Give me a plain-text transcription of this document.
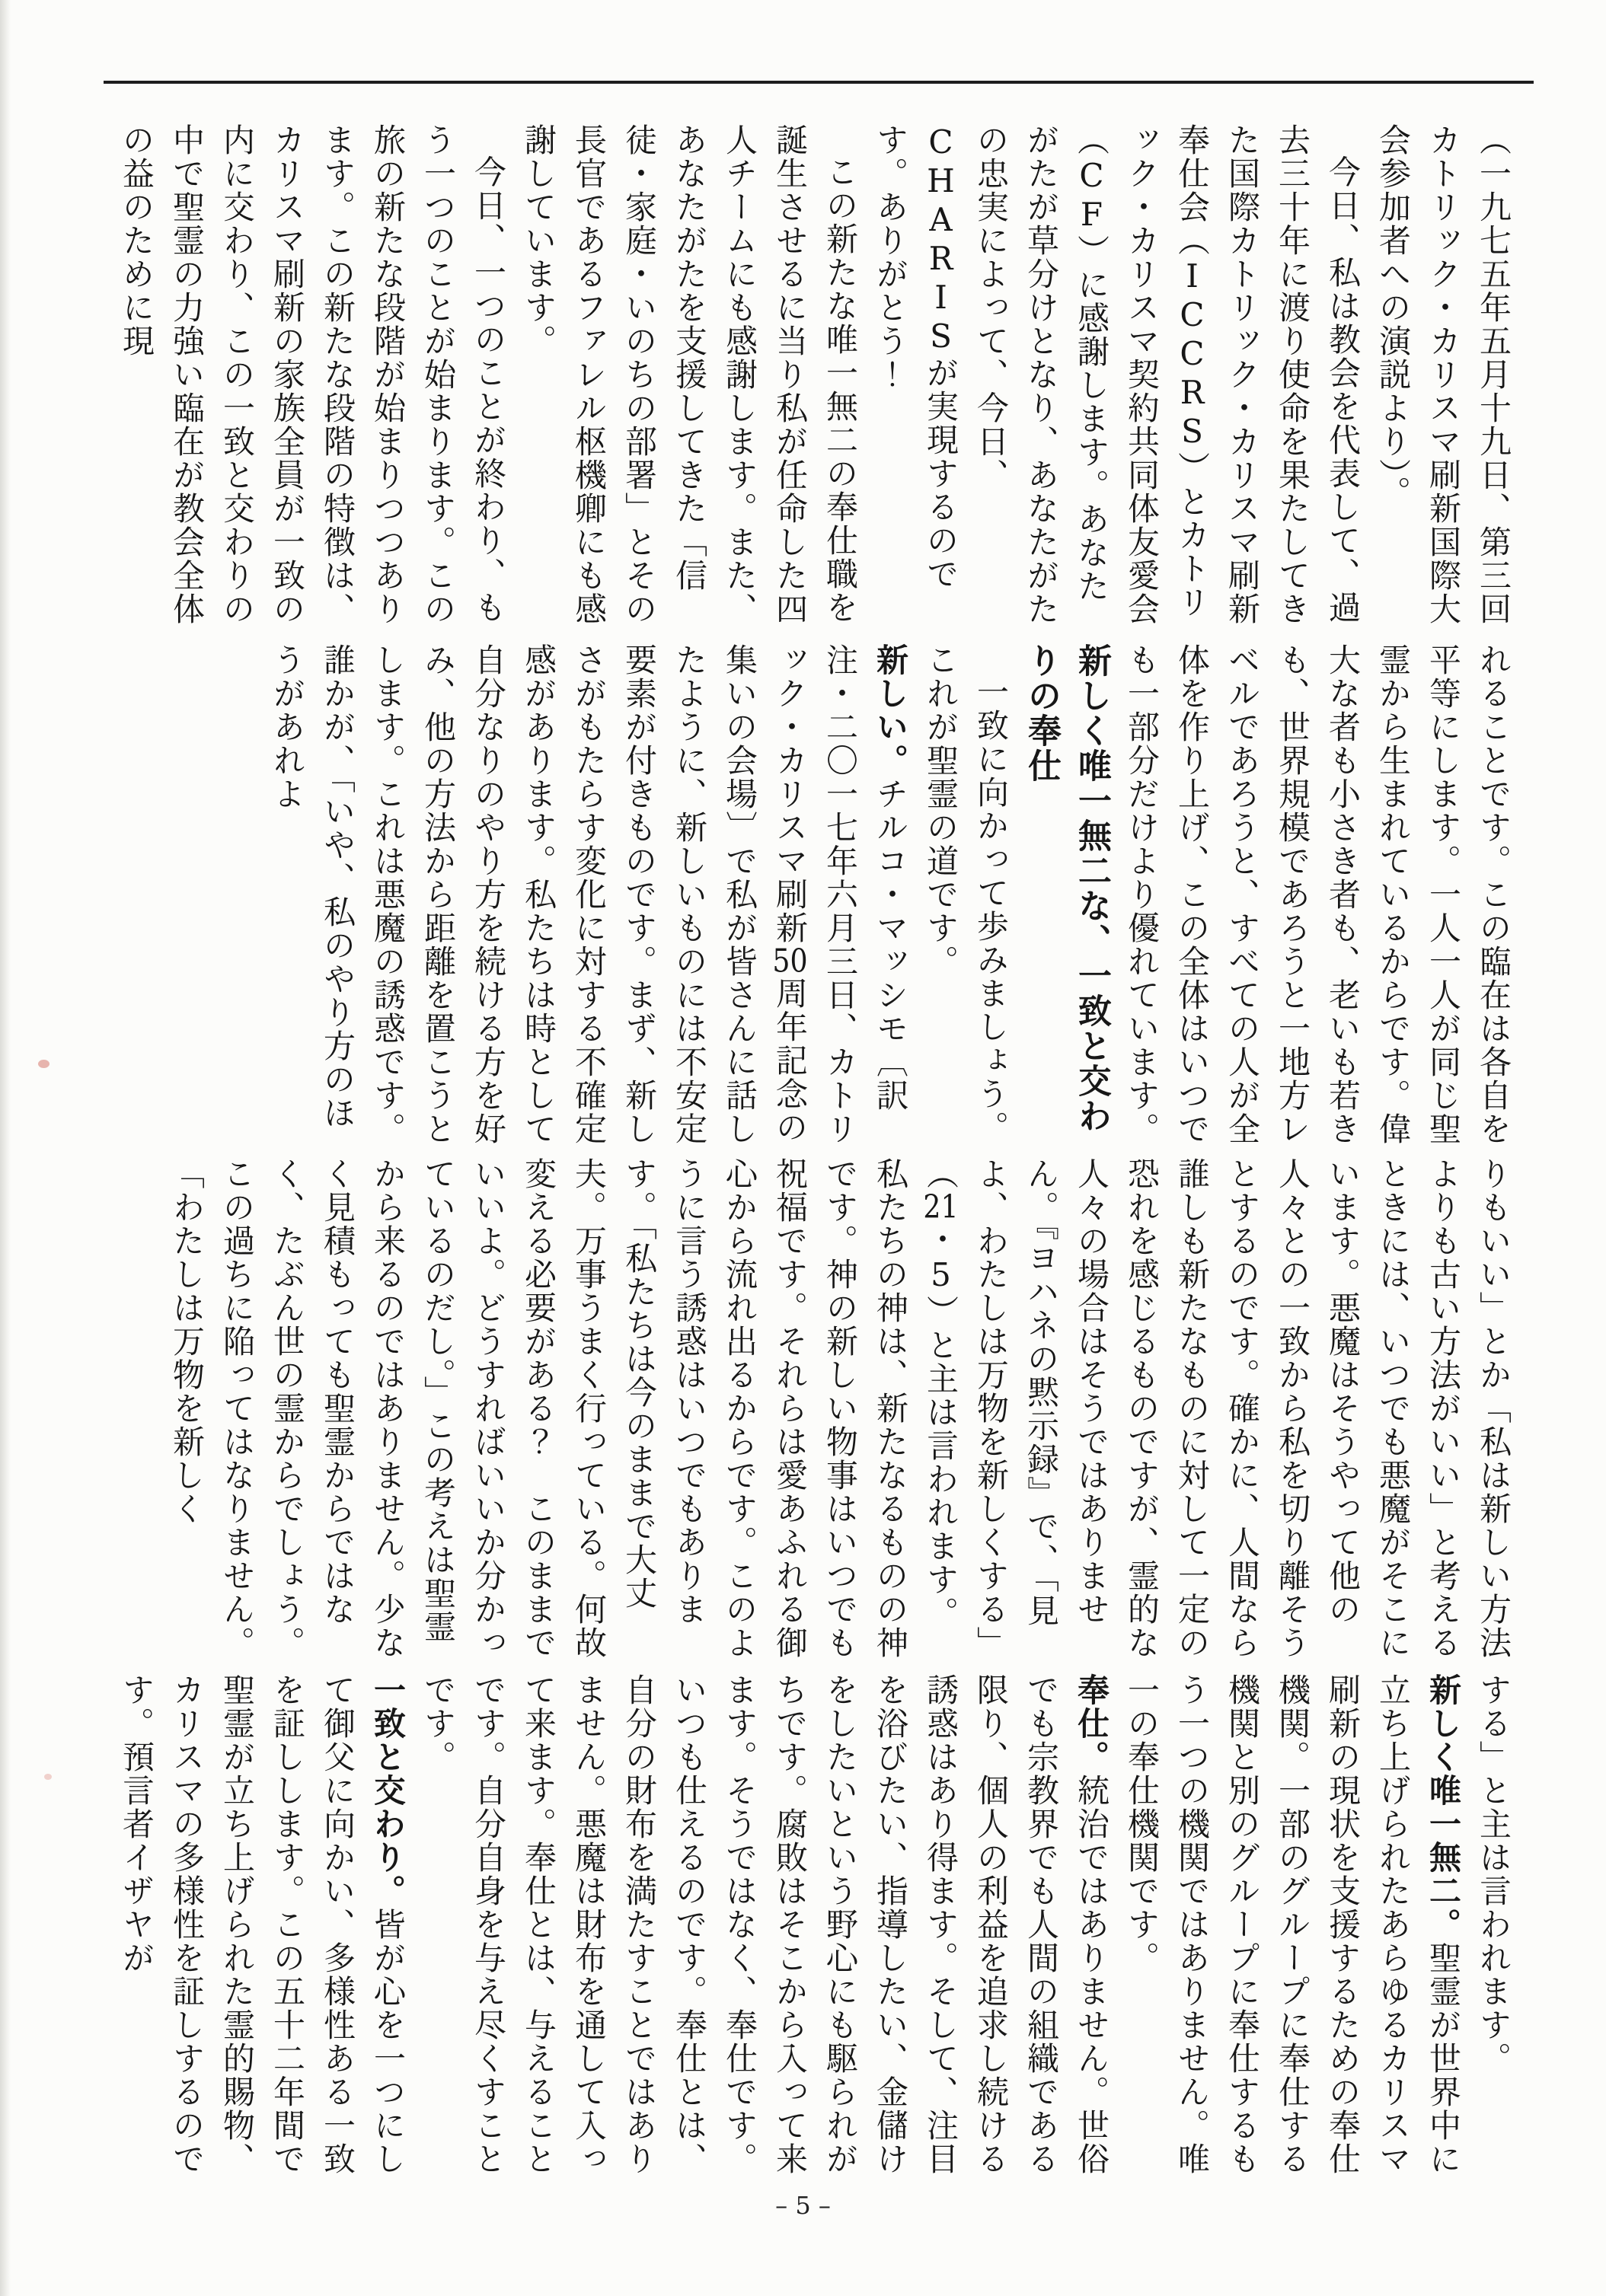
（一九七五年五月十九日、第三回カトリック・カリスマ刷新国際大会参加者への演説より）。

今日、私は教会を代表して、過去三十年に渡り使命を果たしてきた国際カトリック・カリスマ刷新奉仕会（ICCRS）とカトリック・カリスマ契約共同体友愛会（CF）に感謝します。あなたがたが草分けとなり、あなたがたの忠実によって、今日、CHARISが実現するのです。ありがとう！

この新たな唯一無二の奉仕職を誕生させるに当り私が任命した四人チームにも感謝します。また、あなたがたを支援してきた「信徒・家庭・いのちの部署」とその長官であるファレル枢機卿にも感謝しています。

今日、一つのことが終わり、もう一つのことが始まります。この旅の新たな段階が始まりつつあります。この新たな段階の特徴は、カリスマ刷新の家族全員が一致の内に交わり、この一致と交わりの中で聖霊の力強い臨在が教会全体の益のために現

れることです。この臨在は各自を平等にします。一人一人が同じ聖霊から生まれているからです。偉大な者も小さき者も、老いも若きも、世界規模であろうと一地方レベルであろうと、すべての人が全体を作り上げ、この全体はいつでも一部分だけより優れています。

新しく唯一無二な、一致と交わりの奉仕

一致に向かって歩みましょう。これが聖霊の道です。

新しい。チルコ・マッシモ〔訳注・二〇一七年六月三日、カトリック・カリスマ刷新50周年記念の集いの会場〕で私が皆さんに話したように、新しいものには不安定要素が付きものです。まず、新しさがもたらす変化に対する不確定感があります。私たちは時として自分なりのやり方を続ける方を好み、他の方法から距離を置こうとします。これは悪魔の誘惑です。誰かが、「いや、私のやり方のほうがあれよ

りもいい」とか「私は新しい方法よりも古い方法がいい」と考えるときには、いつでも悪魔がそこにいます。悪魔はそうやって他の人々との一致から私を切り離そうとするのです。確かに、人間なら誰しも新たなものに対して一定の恐れを感じるものですが、霊的な人々の場合はそうではありません。『ヨハネの黙示録』で、「見よ、わたしは万物を新しくする」（21・5）と主は言われます。私たちの神は、新たなるものの神です。神の新しい物事はいつでも祝福です。それらは愛あふれる御心から流れ出るからです。このように言う誘惑はいつでもあります。「私たちは今のままで大丈夫。万事うまく行っている。何故変える必要がある？　このままでいいよ。どうすればいいか分かっているのだし。」この考えは聖霊から来るのではありません。少なく見積もっても聖霊からではなく、たぶん世の霊からでしょう。この過ちに陥ってはなりません。「わたしは万物を新しく

する」と主は言われます。

新しく唯一無二。聖霊が世界中に立ち上げられたあらゆるカリスマ刷新の現状を支援するための奉仕機関。一部のグループに奉仕する機関と別のグループに奉仕するもう一つの機関ではありません。唯一の奉仕機関です。

奉仕。統治ではありません。世俗でも宗教界でも人間の組織である限り、個人の利益を追求し続ける誘惑はあり得ます。そして、注目を浴びたい、指導したい、金儲けをしたいという野心にも駆られがちです。腐敗はそこから入って来ます。そうではなく、奉仕です。いつも仕えるのです。奉仕とは、自分の財布を満たすことではありません。悪魔は財布を通して入って来ます。奉仕とは、与えることです。自分自身を与え尽くすことです。

一致と交わり。皆が心を一つにして御父に向かい、多様性ある一致を証しします。この五十二年間で聖霊が立ち上げられた霊的賜物、カリスマの多様性を証しするのです。預言者イザヤが

– 5 –
